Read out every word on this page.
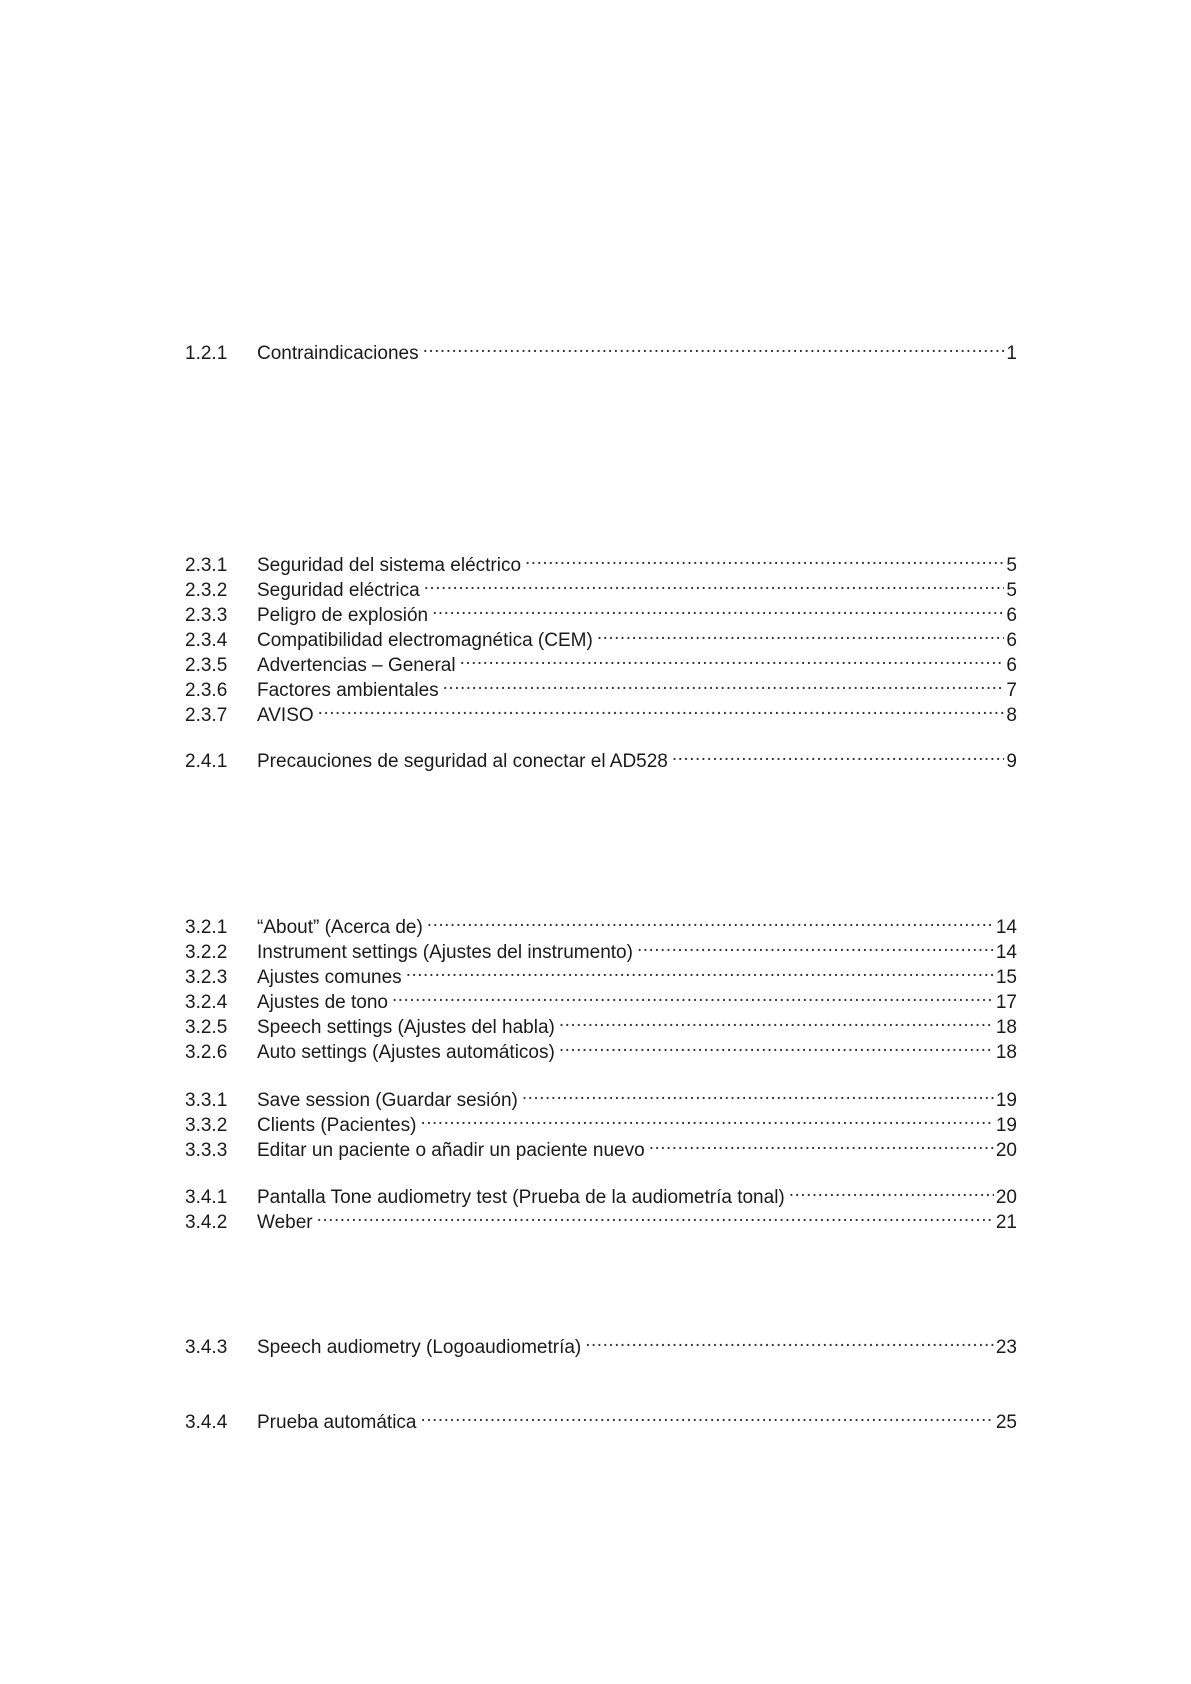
1.2.1	Contraindicaciones .....	1
2.3.1	Seguridad del sistema eléctrico .....	5
2.3.2	Seguridad eléctrica .....	5
2.3.3	Peligro de explosión .....	6
2.3.4	Compatibilidad electromagnética (CEM) .....	6
2.3.5	Advertencias – General .....	6
2.3.6	Factores ambientales .....	7
2.3.7	AVISO .....	8
2.4.1	Precauciones de seguridad al conectar el AD528 .....	9
3.2.1	“About” (Acerca de) .....	14
3.2.2	Instrument settings (Ajustes del instrumento) .....	14
3.2.3	Ajustes comunes .....	15
3.2.4	Ajustes de tono .....	17
3.2.5	Speech settings (Ajustes del habla) .....	18
3.2.6	Auto settings (Ajustes automáticos) .....	18
3.3.1	Save session (Guardar sesión) .....	19
3.3.2	Clients (Pacientes) .....	19
3.3.3	Editar un paciente o añadir un paciente nuevo .....	20
3.4.1	Pantalla Tone audiometry test (Prueba de la audiometría tonal) .....	20
3.4.2	Weber .....	21
3.4.3	Speech audiometry (Logoaudiometría) .....	23
3.4.4	Prueba automática .....	25
